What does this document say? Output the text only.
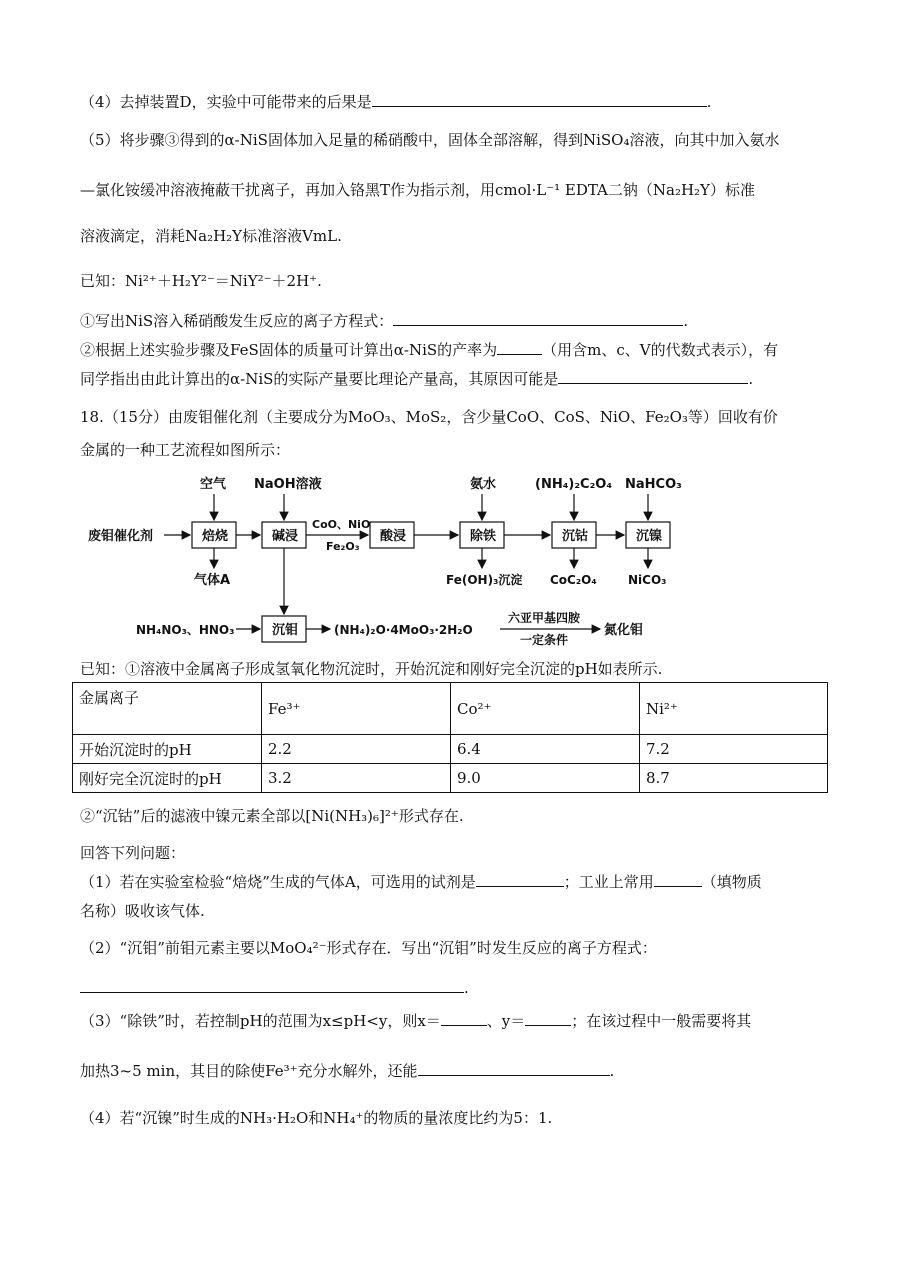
（4）去掉装置D，实验中可能带来的后果是	.
（5）将步骤③得到的α-NiS固体加入足量的稀硝酸中，固体全部溶解，得到NiSO₄溶液，向其中加入氨水
—氯化铵缓冲溶液掩蔽干扰离子，再加入铬黑T作为指示剂，用cmol·L⁻¹ EDTA二钠（Na₂H₂Y）标准
溶液滴定，消耗Na₂H₂Y标准溶液VmL.
已知：Ni²⁺＋H₂Y²⁻＝NiY²⁻＋2H⁺.
①写出NiS溶入稀硝酸发生反应的离子方程式：	.
②根据上述实验步骤及FeS固体的质量可计算出α-NiS的产率为	（用含m、c、V的代数式表示），有
同学指出由此计算出的α-NiS的实际产量要比理论产量高，其原因可能是	.
18.（15分）由废钼催化剂（主要成分为MoO₃、MoS₂，含少量CoO、CoS、NiO、Fe₂O₃等）回收有价
金属的一种工艺流程如图所示：
废钼催化剂	焙烧	碱浸
CoO、NiO
Fe₂O₃
酸浸	除铁	沉钴	沉镍
空气 NaOH溶液	氨水	(NH₄)₂C₂O₄ NaHCO₃
气体A	Fe(OH)₃沉淀 CoC₂O₄	NiCO₃
沉钼
NH₄NO₃、HNO₃	(NH₄)₂O·4MoO₃·2H₂O
六亚甲基四胺
一定条件
氮化钼
已知：①溶液中金属离子形成氢氧化物沉淀时，开始沉淀和刚好完全沉淀的pH如表所示.
金属离子	Fe³⁺	Co²⁺	Ni²⁺
开始沉淀时的pH	2.2	6.4	7.2
刚好完全沉淀时的pH	3.2	9.0	8.7
②“沉钴”后的滤液中镍元素全部以[Ni(NH₃)₆]²⁺形式存在.
回答下列问题：
（1）若在实验室检验“焙烧”生成的气体A，可选用的试剂是	；工业上常用	（填物质
名称）吸收该气体.
（2）“沉钼”前钼元素主要以MoO₄²⁻形式存在．写出“沉钼”时发生反应的离子方程式：
.
（3）“除铁”时，若控制pH的范围为x≤pH<y，则x＝	、y＝	；在该过程中一般需要将其
加热3~5 min，其目的除使Fe³⁺充分水解外，还能	.
（4）若“沉镍”时生成的NH₃·H₂O和NH₄⁺的物质的量浓度比约为5：1.
